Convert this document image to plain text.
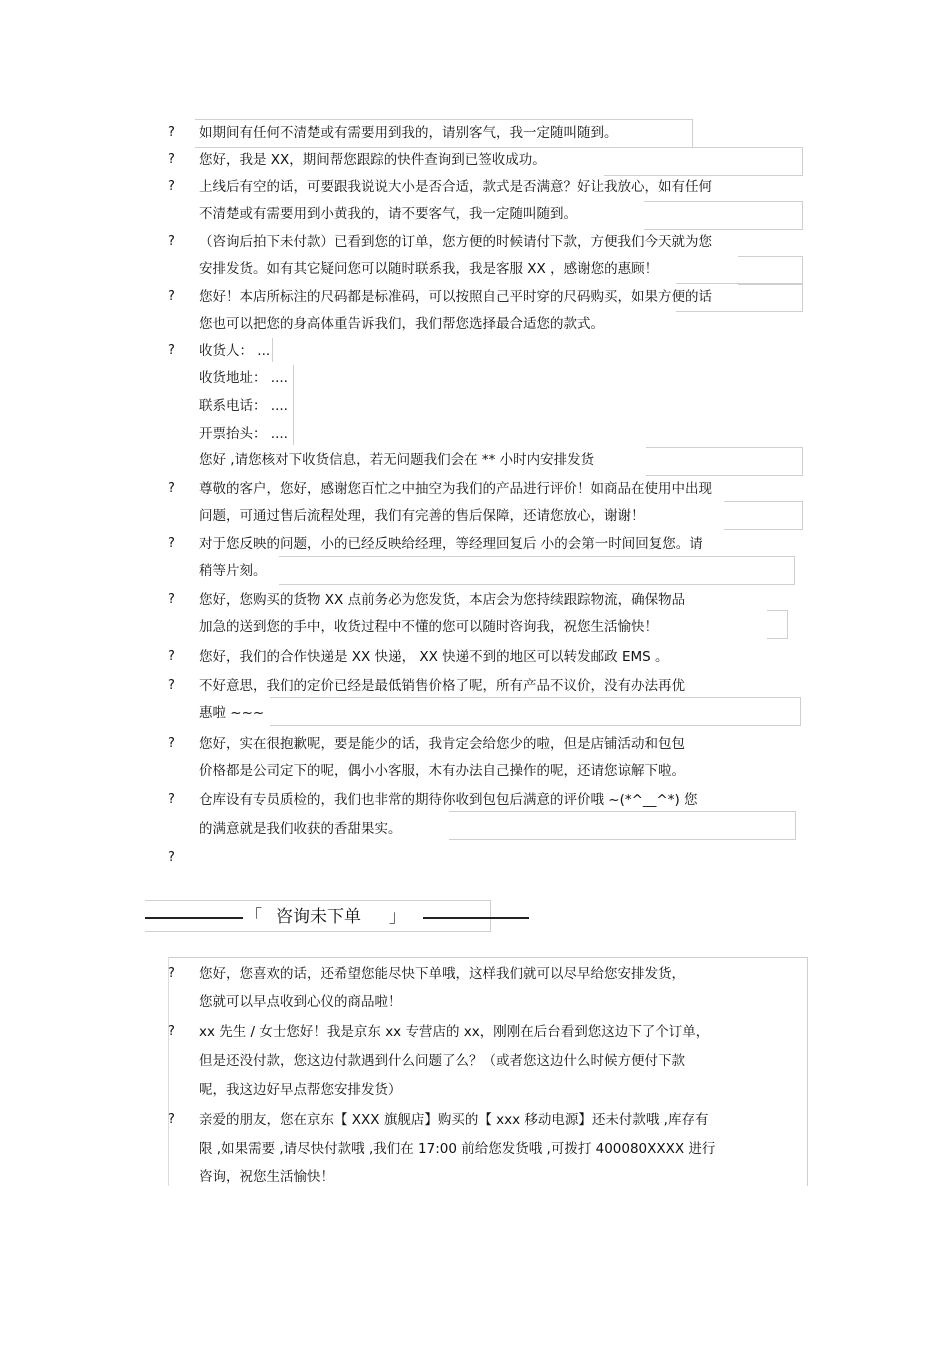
? 如期间有任何不清楚或有需要用到我的，请别客气，我一定随叫随到。
? 您好，我是 XX，期间帮您跟踪的快件查询到已签收成功。
? 上线后有空的话，可要跟我说说大小是否合适，款式是否满意？好让我放心，如有任何
不清楚或有需要用到小黄我的，请不要客气，我一定随叫随到。
? （咨询后拍下未付款）已看到您的订单，您方便的时候请付下款，方便我们今天就为您
安排发货。如有其它疑问您可以随时联系我，我是客服 XX ，感谢您的惠顾！
? 您好！本店所标注的尺码都是标准码，可以按照自己平时穿的尺码购买，如果方便的话
您也可以把您的身高体重告诉我们，我们帮您选择最合适您的款式。
? 收货人： ...
收货地址： ....
联系电话： ....
开票抬头： ....
您好 ,请您核对下收货信息，若无问题我们会在 ** 小时内安排发货
? 尊敬的客户，您好，感谢您百忙之中抽空为我们的产品进行评价！如商品在使用中出现
问题，可通过售后流程处理，我们有完善的售后保障，还请您放心，谢谢！
? 对于您反映的问题，小的已经反映给经理，等经理回复后 小的会第一时间回复您。请
稍等片刻。
? 您好，您购买的货物 XX 点前务必为您发货，本店会为您持续跟踪物流，确保物品
加急的送到您的手中，收货过程中不懂的您可以随时咨询我，祝您生活愉快！
? 您好，我们的合作快递是 XX 快递， XX 快递不到的地区可以转发邮政 EMS 。
? 不好意思，我们的定价已经是最低销售价格了呢，所有产品不议价，没有办法再优
惠啦 ~~~
? 您好，实在很抱歉呢，要是能少的话，我肯定会给您少的啦，但是店铺活动和包包
价格都是公司定下的呢，偶小小客服，木有办法自己操作的呢，还请您谅解下啦。
? 仓库设有专员质检的，我们也非常的期待你收到包包后满意的评价哦 ~(*^__^*) 您
的满意就是我们收获的香甜果实。
?
「 咨询未下单 」
? 您好，您喜欢的话，还希望您能尽快下单哦，这样我们就可以尽早给您安排发货，
您就可以早点收到心仪的商品啦！
? xx 先生 / 女士您好！我是京东 xx 专营店的 xx，刚刚在后台看到您这边下了个订单，
但是还没付款，您这边付款遇到什么问题了么？（或者您这边什么时候方便付下款
呢，我这边好早点帮您安排发货）
? 亲爱的朋友，您在京东【 XXX 旗舰店】购买的【 xxx 移动电源】还未付款哦 ,库存有
限 ,如果需要 ,请尽快付款哦 ,我们在 17:00 前给您发货哦 ,可拨打 400080XXXX 进行
咨询，祝您生活愉快！
